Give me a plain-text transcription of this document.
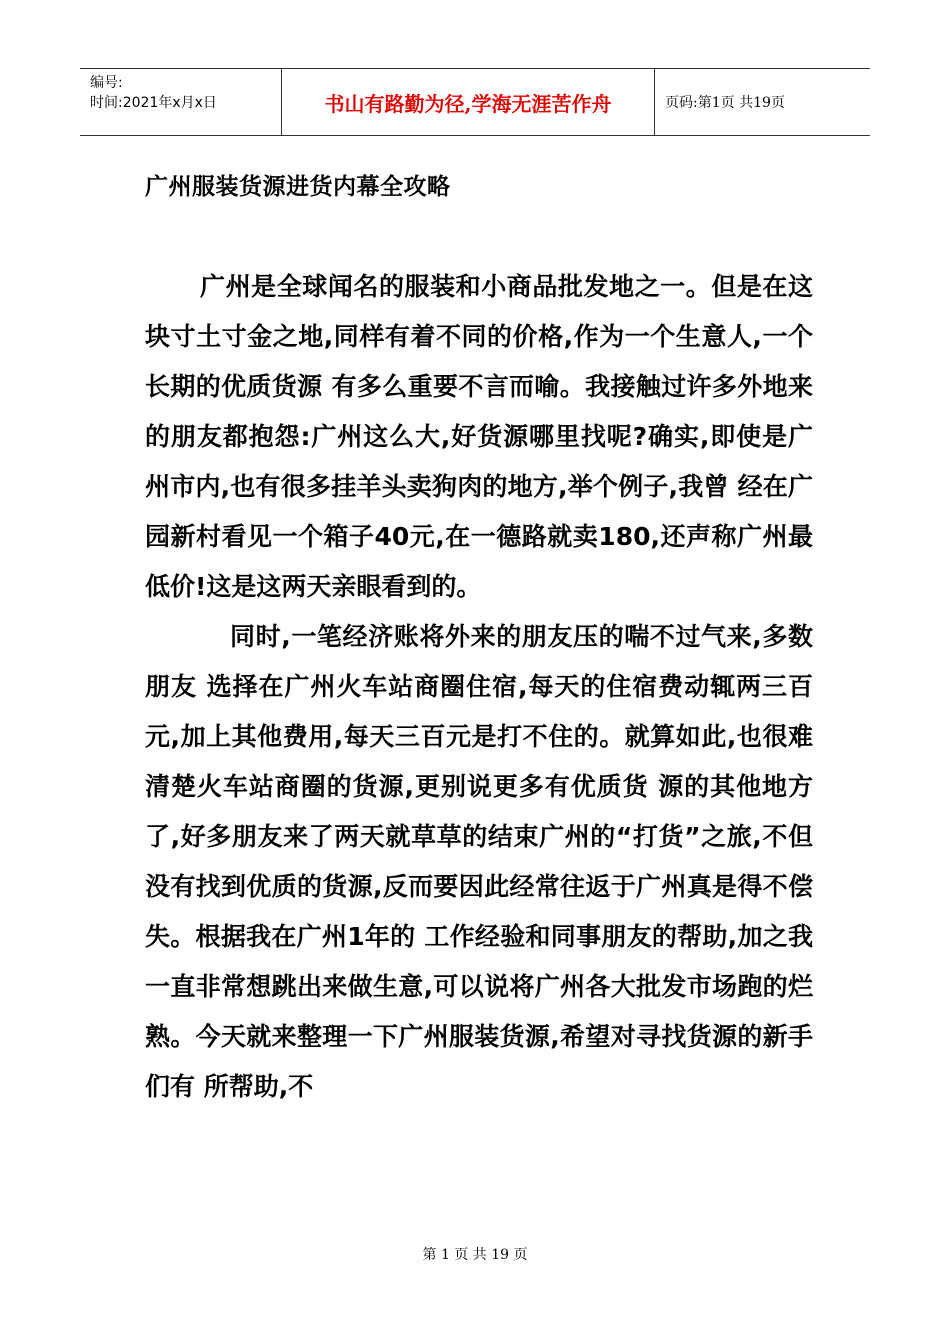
编号:
时间:2021年x月x日	书山有路勤为径,学海无涯苦作舟	页码:第1页 共19页
广州服装货源进货内幕全攻略

广州是全球闻名的服装和小商品批发地之一。但是在这块寸土寸金之地,同样有着不同的价格,作为一个生意人,一个长期的优质货源 有多么重要不言而喻。我接触过许多外地来的朋友都抱怨:广州这么大,好货源哪里找呢?确实,即使是广州市内,也有很多挂羊头卖狗肉的地方,举个例子,我曾 经在广园新村看见一个箱子40元,在一德路就卖180,还声称广州最低价!这是这两天亲眼看到的。

同时,一笔经济账将外来的朋友压的喘不过气来,多数朋友 选择在广州火车站商圈住宿,每天的住宿费动辄两三百元,加上其他费用,每天三百元是打不住的。就算如此,也很难清楚火车站商圈的货源,更别说更多有优质货 源的其他地方了,好多朋友来了两天就草草的结束广州的“打货”之旅,不但没有找到优质的货源,反而要因此经常往返于广州真是得不偿失。根据我在广州1年的 工作经验和同事朋友的帮助,加之我一直非常想跳出来做生意,可以说将广州各大批发市场跑的烂熟。今天就来整理一下广州服装货源,希望对寻找货源的新手们有 所帮助,不

第 1 页 共 19 页
